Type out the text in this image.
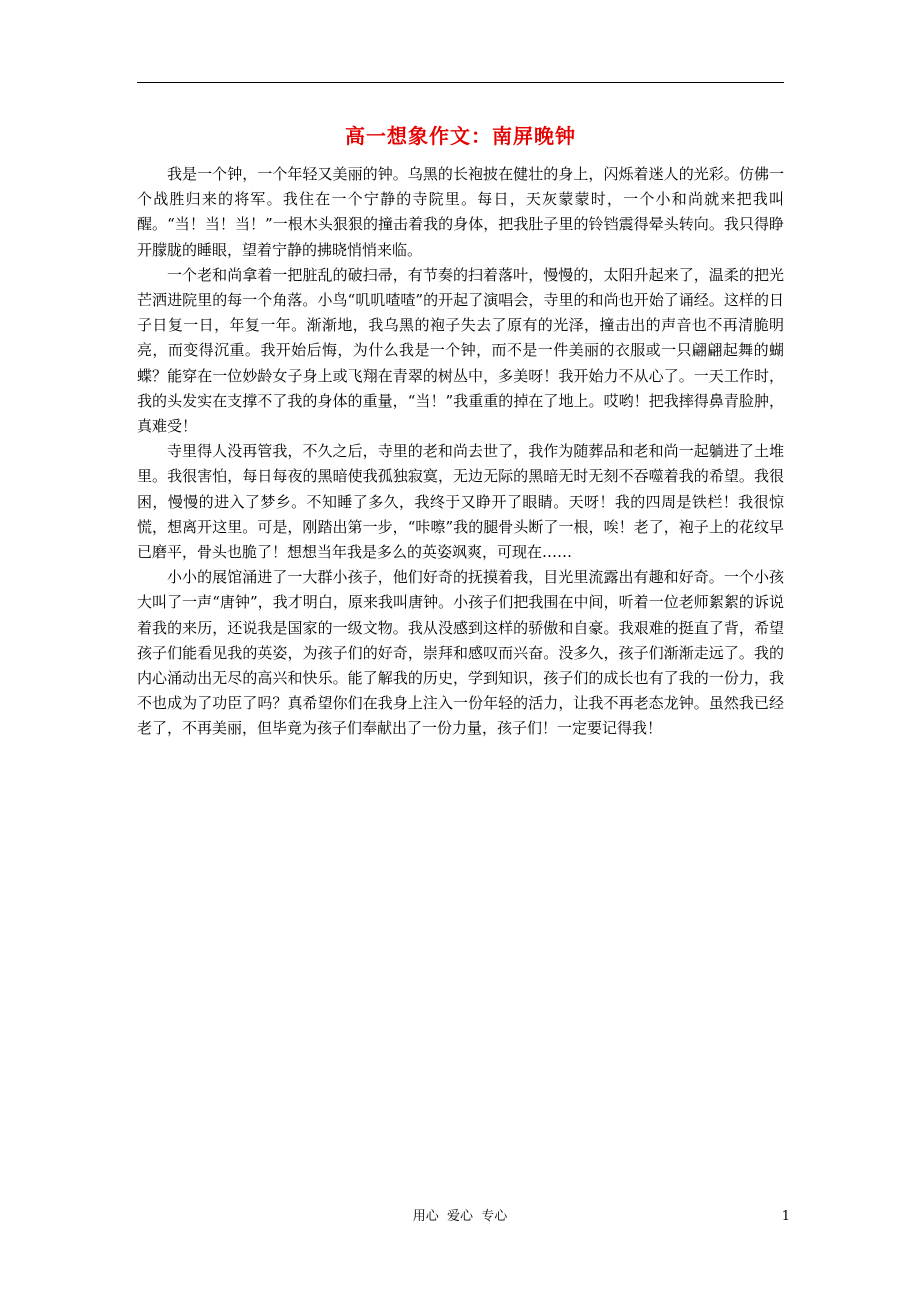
高一想象作文：南屏晚钟

我是一个钟，一个年轻又美丽的钟。乌黑的长袍披在健壮的身上，闪烁着迷人的光彩。仿佛一个战胜归来的将军。我住在一个宁静的寺院里。每日，天灰蒙蒙时，一个小和尚就来把我叫醒。“当！当！当！”一根木头狠狠的撞击着我的身体，把我肚子里的铃铛震得晕头转向。我只得睁开朦胧的睡眼，望着宁静的拂晓悄悄来临。

一个老和尚拿着一把脏乱的破扫帚，有节奏的扫着落叶，慢慢的，太阳升起来了，温柔的把光芒洒进院里的每一个角落。小鸟“叽叽喳喳”的开起了演唱会，寺里的和尚也开始了诵经。这样的日子日复一日，年复一年。渐渐地，我乌黑的袍子失去了原有的光泽，撞击出的声音也不再清脆明亮，而变得沉重。我开始后悔，为什么我是一个钟，而不是一件美丽的衣服或一只翩翩起舞的蝴蝶？能穿在一位妙龄女子身上或飞翔在青翠的树丛中，多美呀！我开始力不从心了。一天工作时，我的头发实在支撑不了我的身体的重量，“当！”我重重的掉在了地上。哎哟！把我摔得鼻青脸肿，真难受！

寺里得人没再管我，不久之后，寺里的老和尚去世了，我作为随葬品和老和尚一起躺进了土堆里。我很害怕，每日每夜的黑暗使我孤独寂寞，无边无际的黑暗无时无刻不吞噬着我的希望。我很困，慢慢的进入了梦乡。不知睡了多久，我终于又睁开了眼睛。天呀！我的四周是铁栏！我很惊慌，想离开这里。可是，刚踏出第一步，“咔嚓”我的腿骨头断了一根，唉！老了，袍子上的花纹早已磨平，骨头也脆了！想想当年我是多么的英姿飒爽，可现在……

小小的展馆涌进了一大群小孩子，他们好奇的抚摸着我，目光里流露出有趣和好奇。一个小孩大叫了一声“唐钟”，我才明白，原来我叫唐钟。小孩子们把我围在中间，听着一位老师絮絮的诉说着我的来历，还说我是国家的一级文物。我从没感到这样的骄傲和自豪。我艰难的挺直了背，希望孩子们能看见我的英姿，为孩子们的好奇，崇拜和感叹而兴奋。没多久，孩子们渐渐走远了。我的内心涌动出无尽的高兴和快乐。能了解我的历史，学到知识，孩子们的成长也有了我的一份力，我不也成为了功臣了吗？真希望你们在我身上注入一份年轻的活力，让我不再老态龙钟。虽然我已经老了，不再美丽，但毕竟为孩子们奉献出了一份力量，孩子们！一定要记得我！

用心  爱心  专心	1
